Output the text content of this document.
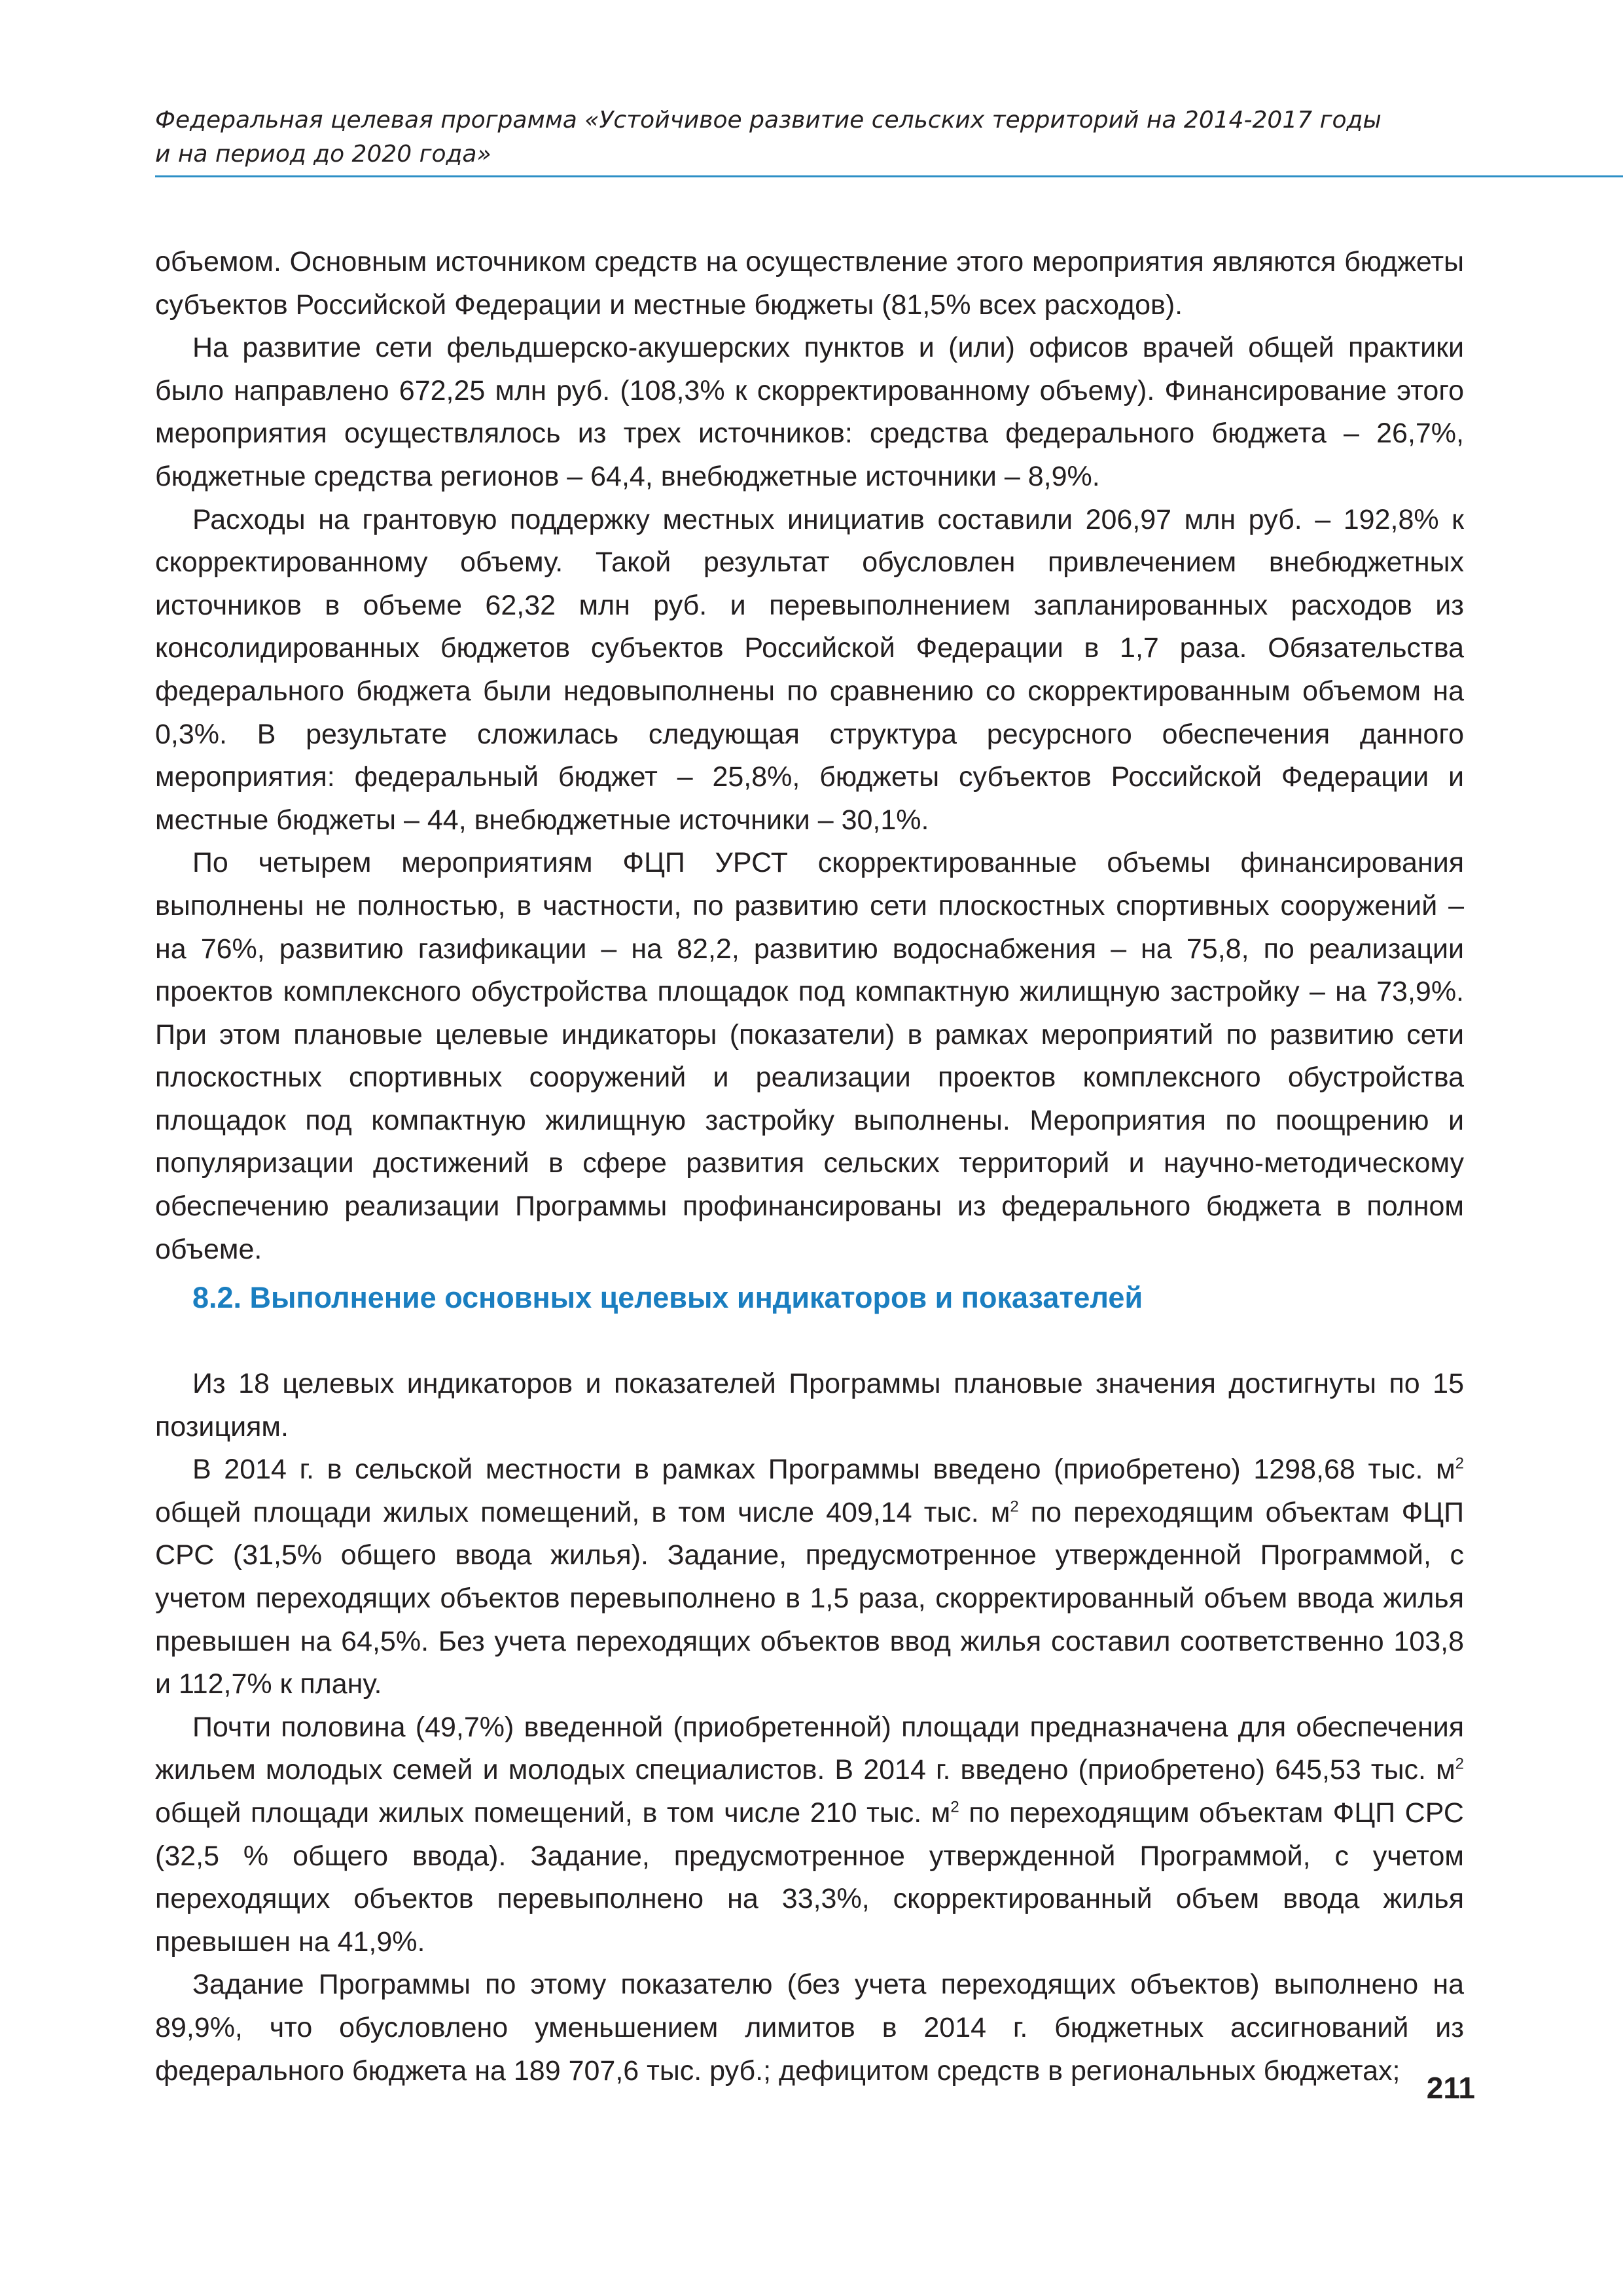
Федеральная целевая программа «Устойчивое развитие сельских территорий на 2014-2017 годы
и на период до 2020 года»

объемом. Основным источником средств на осуществление этого мероприятия являются бюджеты субъектов Российской Федерации и местные бюджеты (81,5% всех расходов).

На развитие сети фельдшерско-акушерских пунктов и (или) офисов врачей общей практики было направлено 672,25 млн руб. (108,3% к скорректированному объему). Финансирование этого мероприятия осуществлялось из трех источников: средства федерального бюджета – 26,7%, бюджетные средства регионов – 64,4, внебюджетные источники – 8,9%.

Расходы на грантовую поддержку местных инициатив составили 206,97 млн руб. – 192,8% к скорректированному объему. Такой результат обусловлен привлечением внебюджетных источников в объеме 62,32 млн руб. и перевыполнением запланированных расходов из консолидированных бюджетов субъектов Российской Федерации в 1,7 раза. Обязательства федерального бюджета были недовыполнены по сравнению со скорректированным объемом на 0,3%. В результате сложилась следующая структура ресурсного обеспечения данного мероприятия: федеральный бюджет – 25,8%, бюджеты субъектов Российской Федерации и местные бюджеты – 44, внебюджетные источники – 30,1%.

По четырем мероприятиям ФЦП УРСТ скорректированные объемы финансирования выполнены не полностью, в частности, по развитию сети плоскостных спортивных сооружений – на 76%, развитию газификации – на 82,2, развитию водоснабжения – на 75,8, по реализации проектов комплексного обустройства площадок под компактную жилищную застройку – на 73,9%. При этом плановые целевые индикаторы (показатели) в рамках мероприятий по развитию сети плоскостных спортивных сооружений и реализации проектов комплексного обустройства площадок под компактную жилищную застройку выполнены. Мероприятия по поощрению и популяризации достижений в сфере развития сельских территорий и научно-методическому обеспечению реализации Программы профинансированы из федерального бюджета в полном объеме.

8.2. Выполнение основных целевых индикаторов и показателей

Из 18 целевых индикаторов и показателей Программы плановые значения достигнуты по 15 позициям.

В 2014 г. в сельской местности в рамках Программы введено (приобретено) 1298,68 тыс. $м^2$ общей площади жилых помещений, в том числе 409,14 тыс. $м^2$ по переходящим объектам ФЦП СРС (31,5% общего ввода жилья). Задание, предусмотренное утвержденной Программой, с учетом переходящих объектов перевыполнено в 1,5 раза, скорректированный объем ввода жилья превышен на 64,5%. Без учета переходящих объектов ввод жилья составил соответственно 103,8 и 112,7% к плану.

Почти половина (49,7%) введенной (приобретенной) площади предназначена для обеспечения жильем молодых семей и молодых специалистов. В 2014 г. введено (приобретено) 645,53 тыс. $м^2$ общей площади жилых помещений, в том числе 210 тыс. $м^2$ по переходящим объектам ФЦП СРС (32,5 % общего ввода). Задание, предусмотренное утвержденной Программой, с учетом переходящих объектов перевыполнено на 33,3%, скорректированный объем ввода жилья превышен на 41,9%.

Задание Программы по этому показателю (без учета переходящих объектов) выполнено на 89,9%, что обусловлено уменьшением лимитов в 2014 г. бюджетных ассигнований из федерального бюджета на 189 707,6 тыс. руб.; дефицитом средств в региональных бюджетах;

211
